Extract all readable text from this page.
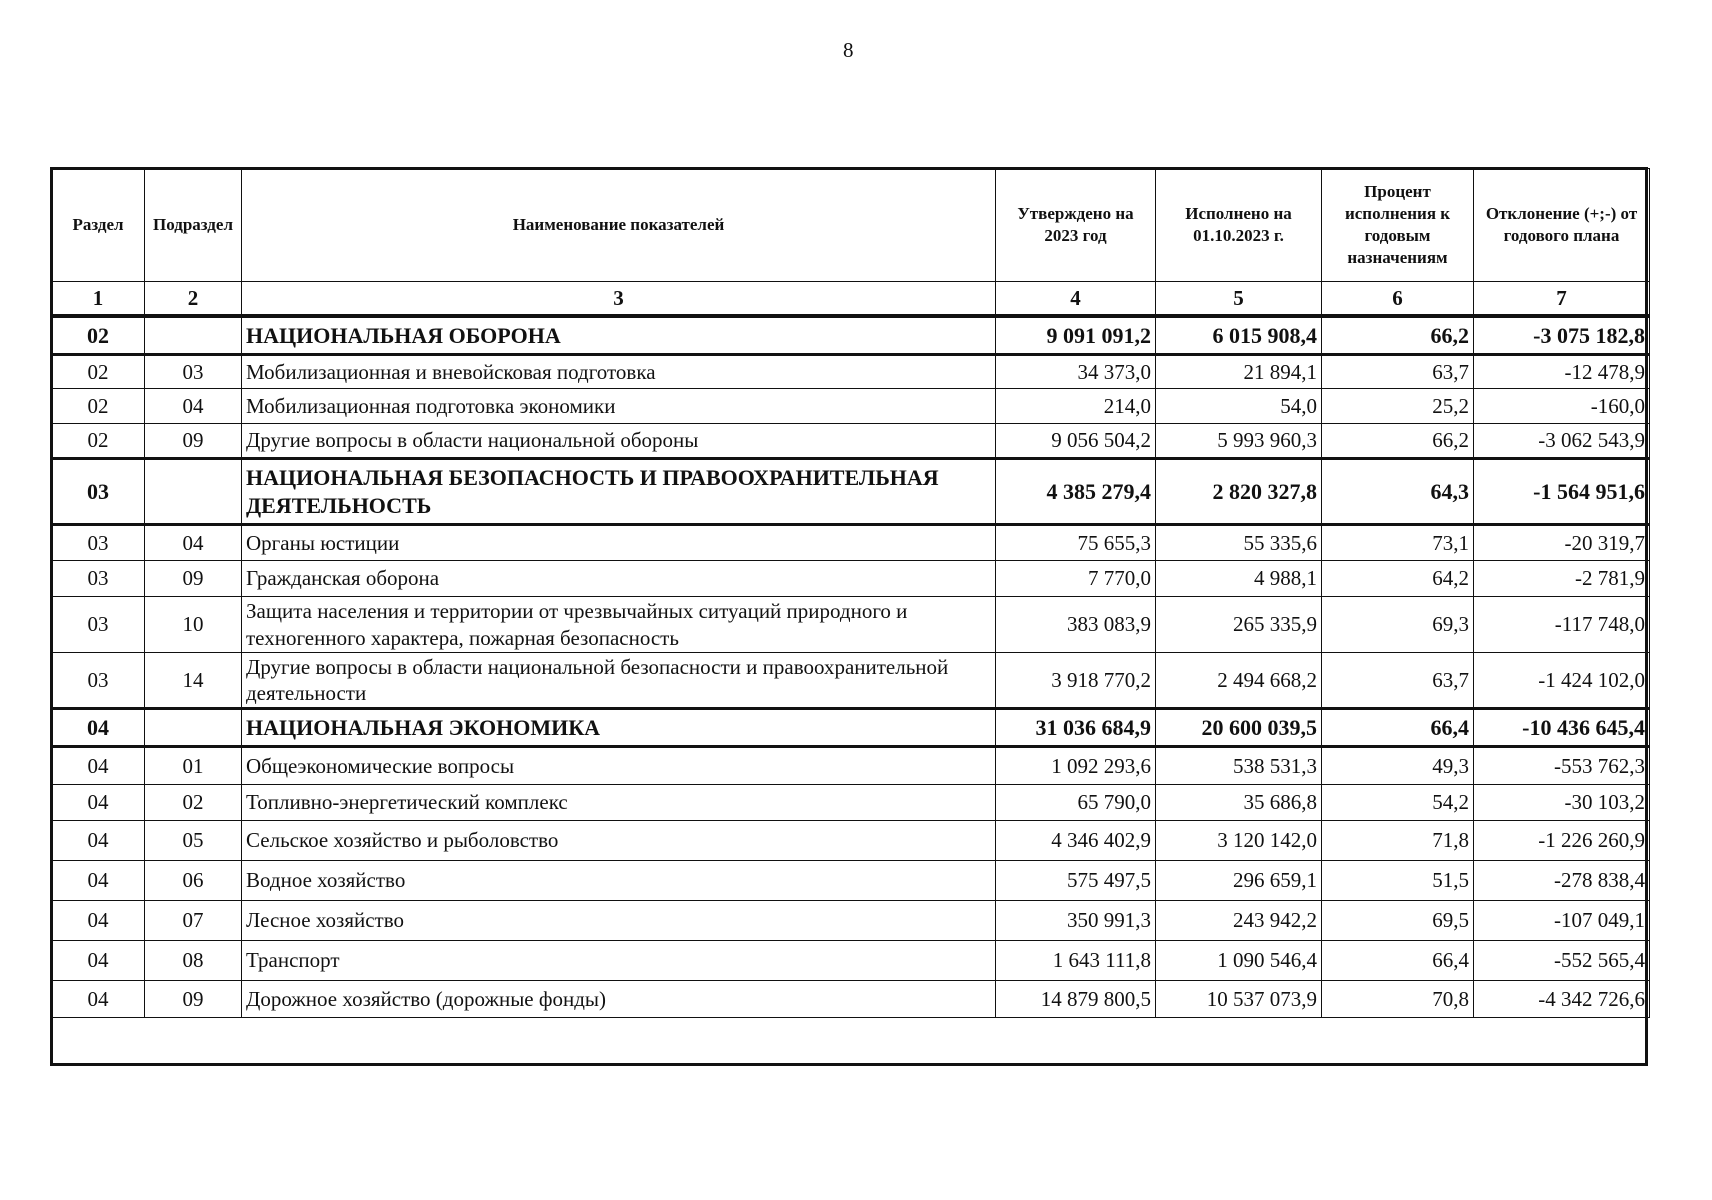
8
Раздел	Подраздел	Наименование показателей	Утверждено на 2023 год	Исполнено на 01.10.2023 г.	Процент исполнения к годовым назначениям	Отклонение (+;-) от годового плана
1	2	3	4	5	6	7
02		НАЦИОНАЛЬНАЯ ОБОРОНА	9 091 091,2	6 015 908,4	66,2	-3 075 182,8
02	03	Мобилизационная и вневойсковая подготовка	34 373,0	21 894,1	63,7	-12 478,9
02	04	Мобилизационная подготовка экономики	214,0	54,0	25,2	-160,0
02	09	Другие вопросы в области национальной обороны	9 056 504,2	5 993 960,3	66,2	-3 062 543,9
03		НАЦИОНАЛЬНАЯ БЕЗОПАСНОСТЬ И ПРАВООХРАНИТЕЛЬНАЯ ДЕЯТЕЛЬНОСТЬ	4 385 279,4	2 820 327,8	64,3	-1 564 951,6
03	04	Органы юстиции	75 655,3	55 335,6	73,1	-20 319,7
03	09	Гражданская оборона	7 770,0	4 988,1	64,2	-2 781,9
03	10	Защита населения и территории от чрезвычайных ситуаций природного и техногенного характера, пожарная безопасность	383 083,9	265 335,9	69,3	-117 748,0
03	14	Другие вопросы в области национальной безопасности и правоохранительной деятельности	3 918 770,2	2 494 668,2	63,7	-1 424 102,0
04		НАЦИОНАЛЬНАЯ ЭКОНОМИКА	31 036 684,9	20 600 039,5	66,4	-10 436 645,4
04	01	Общеэкономические вопросы	1 092 293,6	538 531,3	49,3	-553 762,3
04	02	Топливно-энергетический комплекс	65 790,0	35 686,8	54,2	-30 103,2
04	05	Сельское хозяйство и рыболовство	4 346 402,9	3 120 142,0	71,8	-1 226 260,9
04	06	Водное хозяйство	575 497,5	296 659,1	51,5	-278 838,4
04	07	Лесное хозяйство	350 991,3	243 942,2	69,5	-107 049,1
04	08	Транспорт	1 643 111,8	1 090 546,4	66,4	-552 565,4
04	09	Дорожное хозяйство (дорожные фонды)	14 879 800,5	10 537 073,9	70,8	-4 342 726,6
